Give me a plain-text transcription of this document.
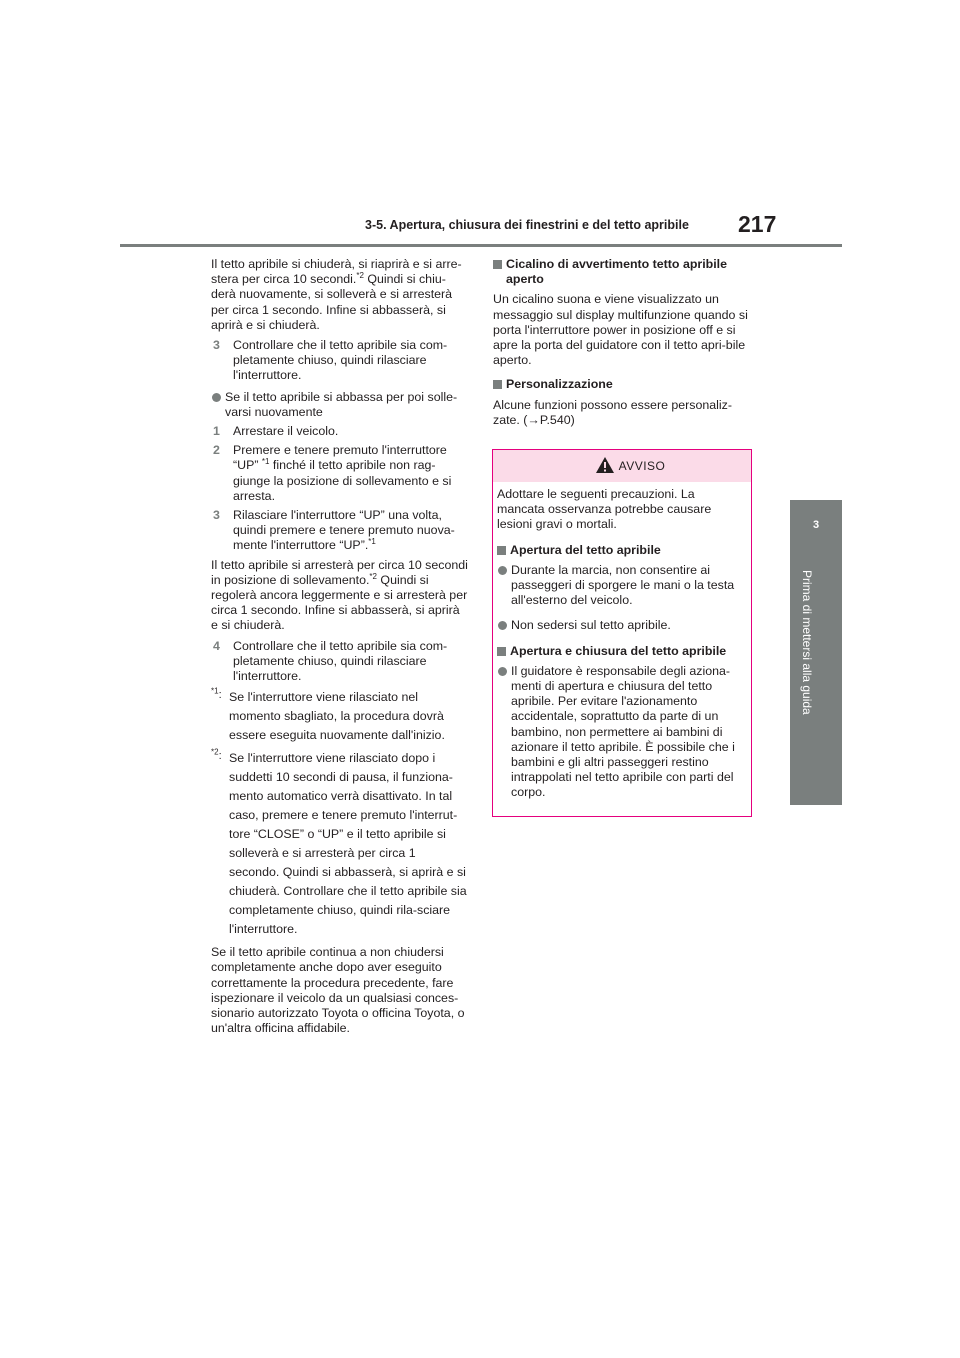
3-5. Apertura, chiusura dei finestrini e del tetto apribile 217
3
Prima di mettersi alla guida

Il tetto apribile si chiuderà, si riaprirà e si arre-stera per circa 10 secondi.$^{*2}$ Quindi si chiu-derà nuovamente, si solleverà e si arresterà per circa 1 secondo. Infine si abbasserà, si aprirà e si chiuderà.

3 Controllare che il tetto apribile sia com-pletamente chiuso, quindi rilasciare l'interruttore.
Se il tetto apribile si abbassa per poi solle-varsi nuovamente
1 Arrestare il veicolo.
2 Premere e tenere premuto l'interruttore “UP” $^{*1}$ finché il tetto apribile non rag-giunge la posizione di sollevamento e si arresta.
3 Rilasciare l'interruttore “UP” una volta, quindi premere e tenere premuto nuova-mente l'interruttore “UP”.$^{*1}$

Il tetto apribile si arresterà per circa 10 secondi in posizione di sollevamento.$^{*2}$ Quindi si regolerà ancora leggermente e si arresterà per circa 1 secondo. Infine si abbasserà, si aprirà e si chiuderà.

4 Controllare che il tetto apribile sia com-pletamente chiuso, quindi rilasciare l'interruttore.
$^{*1}$: Se l'interruttore viene rilasciato nel momento sbagliato, la procedura dovrà essere eseguita nuovamente dall'inizio.
$^{*2}$: Se l'interruttore viene rilasciato dopo i suddetti 10 secondi di pausa, il funziona-mento automatico verrà disattivato. In tal caso, premere e tenere premuto l'interrut-tore “CLOSE” o “UP” e il tetto apribile si solleverà e si arresterà per circa 1 secondo. Quindi si abbasserà, si aprirà e si chiuderà. Controllare che il tetto apribile sia completamente chiuso, quindi rila-sciare l'interruttore.

Se il tetto apribile continua a non chiudersi completamente anche dopo aver eseguito correttamente la procedura precedente, fare ispezionare il veicolo da un qualsiasi conces-sionario autorizzato Toyota o officina Toyota, o un'altra officina affidabile.

Cicalino di avvertimento tetto apribile aperto

Un cicalino suona e viene visualizzato un messaggio sul display multifunzione quando si porta l'interruttore power in posizione off e si apre la porta del guidatore con il tetto apri-bile aperto.

Personalizzazione

Alcune funzioni possono essere personaliz-zate. (→P.540)

AVVISO

Adottare le seguenti precauzioni. La mancata osservanza potrebbe causare lesioni gravi o mortali.

Apertura del tetto apribile
Durante la marcia, non consentire ai passeggeri di sporgere le mani o la testa all'esterno del veicolo.
Non sedersi sul tetto apribile.
Apertura e chiusura del tetto apribile
Il guidatore è responsabile degli aziona-menti di apertura e chiusura del tetto apribile. Per evitare l'azionamento accidentale, soprattutto da parte di un bambino, non permettere ai bambini di azionare il tetto apribile. È possibile che i bambini e gli altri passeggeri restino intrappolati nel tetto apribile con parti del corpo.
